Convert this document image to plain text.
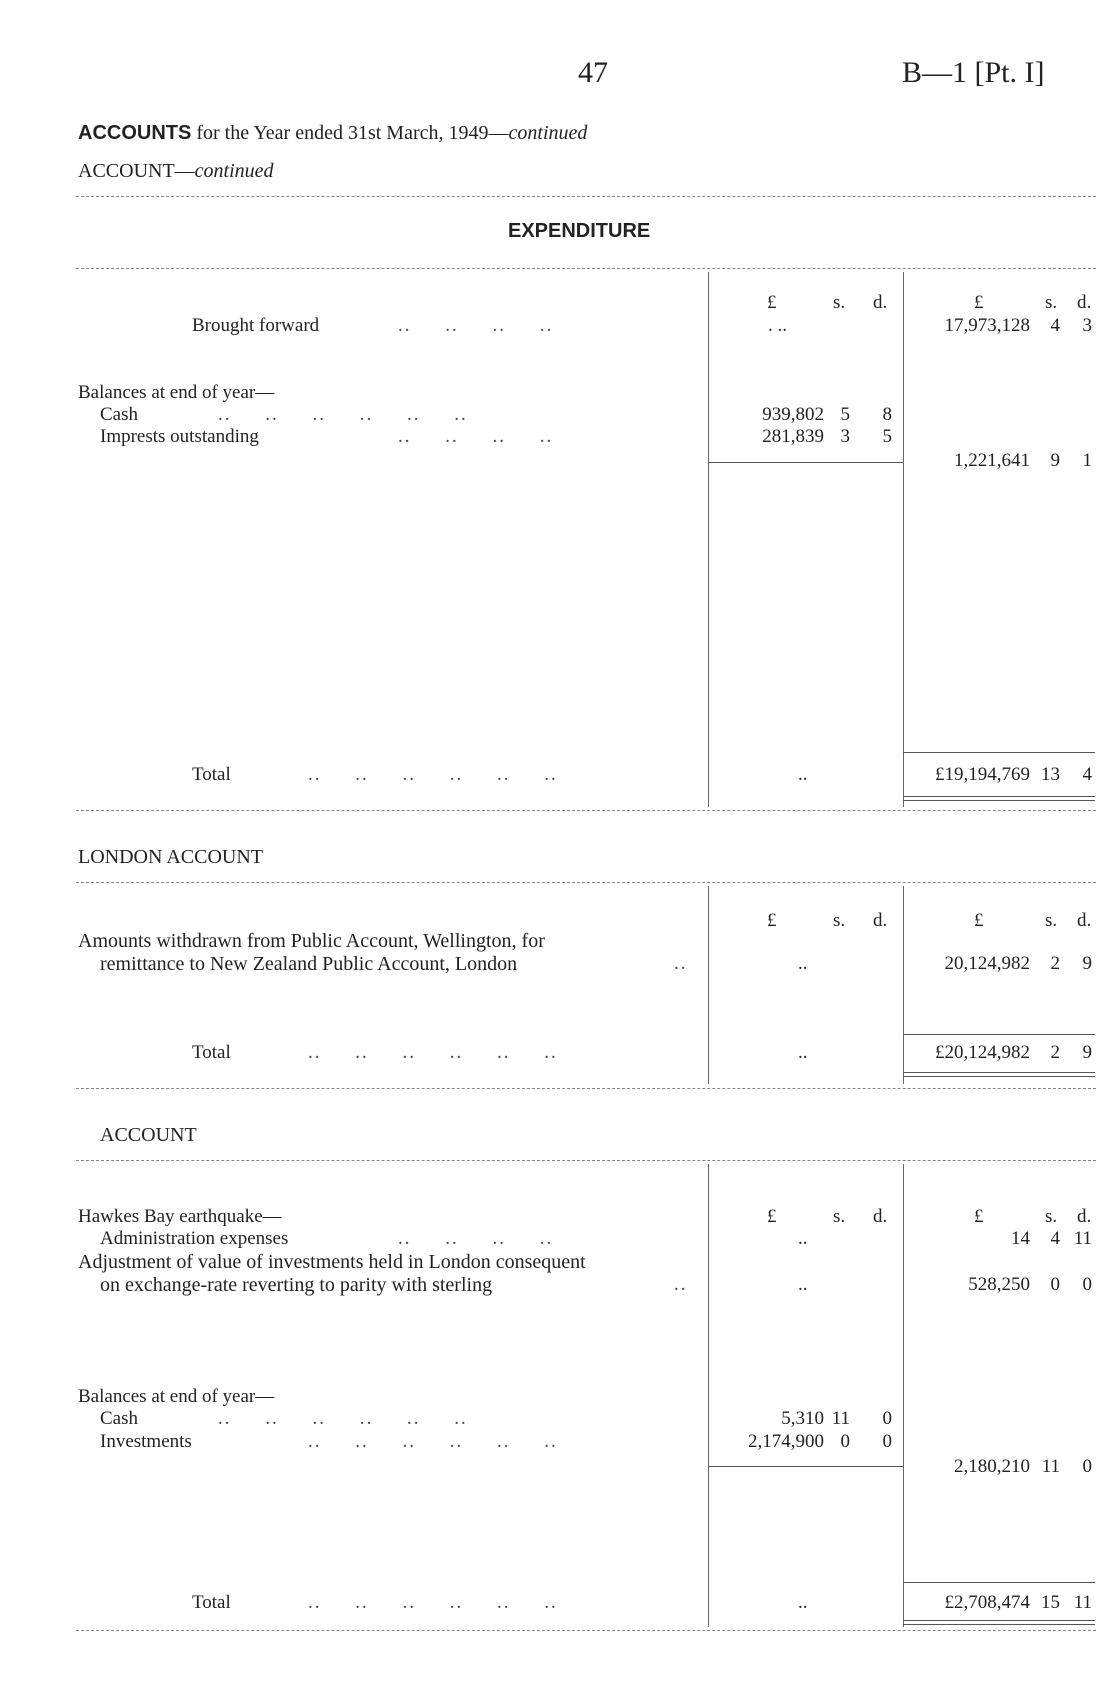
47	B—1 [Pt. I]
ACCOUNTS for the Year ended 31st March, 1949—continued
ACCOUNT—continued
EXPENDITURE
£	s. d.	£	s. d.
Brought forward	..     ..     ..     ..	. ..	17,973,128	4	3
Balances at end of year—
Cash	..     ..     ..     ..     ..     ..	939,802 5	8
Imprests outstanding	..     ..     ..     ..	281,839 3	5
1,221,641	9	1
Total	..     ..     ..     ..     ..     ..	..	£19,194,769 13	4
LONDON ACCOUNT
£	s. d.	£	s. d.
Amounts withdrawn from Public Account, Wellington, for
remittance to New Zealand Public Account, London	..	..	20,124,982	2	9
Total	..     ..     ..     ..     ..     ..	..	£20,124,982	2	9
ACCOUNT
£	s. d.	£	s. d.
Hawkes Bay earthquake—
Administration expenses	..     ..     ..     ..	..	14	4 11
Adjustment of value of investments held in London consequent
on exchange-rate reverting to parity with sterling	..	..	528,250	0	0
Balances at end of year—
Cash	..     ..     ..     ..     ..     ..	5,310 11	0
Investments	..     ..     ..     ..     ..     ..	2,174,900 0	0
2,180,210 11	0
Total	..     ..     ..     ..     ..     ..	..	£2,708,474 15 11
